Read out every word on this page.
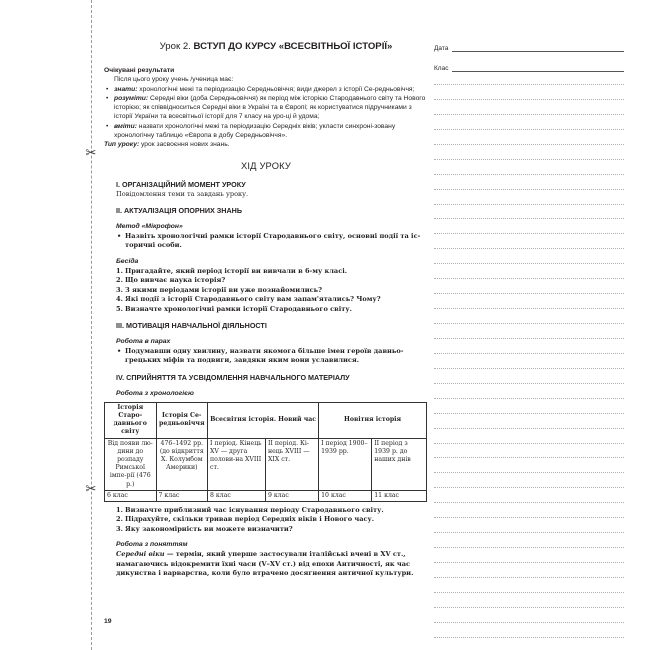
✂
✂
Дата
Клас
Урок 2. ВСТУП ДО КУРСУ «ВСЕСВІТНЬОЇ ІСТОРІЇ»
Очікувані результати
Після цього уроку учень /ученица має:
• знати: хронологічні межі та періодизацію Середньовіччя; види джерел з історії Се-редньовіччя;
• розуміти: Середні віки (доба Середньовіччя) як період між історією Стародавнього світу та Нового історією; як співвідноситься Середні віки в Україні та в Європі; як користуватися підручниками з історії України та всесвітньої історії для 7 класу на уро-ці й удома;
• вміти: назвати хронологічні межі та періодизацію Середніх віків; укласти синхроні-зовану хронологічну таблицю «Європа в добу Середньовіччя».
Тип уроку: урок засвоєння нових знань.
ХІД УРОКУ
І. ОРГАНІЗАЦІЙНИЙ МОМЕНТ УРОКУ
Повідомлення теми та завдань уроку.
ІІ. АКТУАЛІЗАЦІЯ ОПОРНИХ ЗНАНЬ
Метод «Мікрофон»
• Назвіть хронологічні рамки історії Стародавнього світу, основні події та іс-торичні особи.
Бесіда
1. Пригадайте, який період історії ви вивчали в 6-му класі.
2. Що вивчає наука історія?
3. З якими періодами історії ви уже познайомились?
4. Які події з історії Стародавнього світу вам запам'ятались? Чому?
5. Визначте хронологічні рамки історії Стародавнього світу.
ІІІ. МОТИВАЦІЯ НАВЧАЛЬНОЇ ДІЯЛЬНОСТІ
Робота в парах
• Подумавши одну хвилину, назвати якомога більше імен героїв давньо-грецьких міфів та подвиги, завдяки яким вони уславилися.
IV. СПРИЙНЯТТЯ ТА УСВІДОМЛЕННЯ НАВЧАЛЬНОГО МАТЕРІАЛУ
Робота з хронологією
Історія Старо-давнього світу	Історія Се-редньовіччя	Всесвітня історія. Новий час		Новітня історія	
Від появи лю-дини до розпаду Римської імпе-рії (476 р.)	476–1492 рр. (до відкриття Х. Колумбом Америки)	І період. Кінець XV — друга полови-на XVIII ст.	ІІ період. Кі-нець XVIII — XIX ст.	І період 1900–1939 рр.	ІІ період з 1939 р. до наших днів
6 клас	7 клас	8 клас	9 клас	10 клас	11 клас
1. Визначте приблизний час існування періоду Стародавнього світу.
2. Підрахуйте, скільки тривав період Середніх віків і Нового часу.
3. Яку закономірність ви можете визначити?
Робота з поняттям
Середні віки — термін, який уперше застосували італійські вчені в XV ст., намагаючись відокремити їхні часи (V–XV ст.) від епохи Античності, як час дикунства і варварства, коли було втрачено досягнення античної культури.
19
